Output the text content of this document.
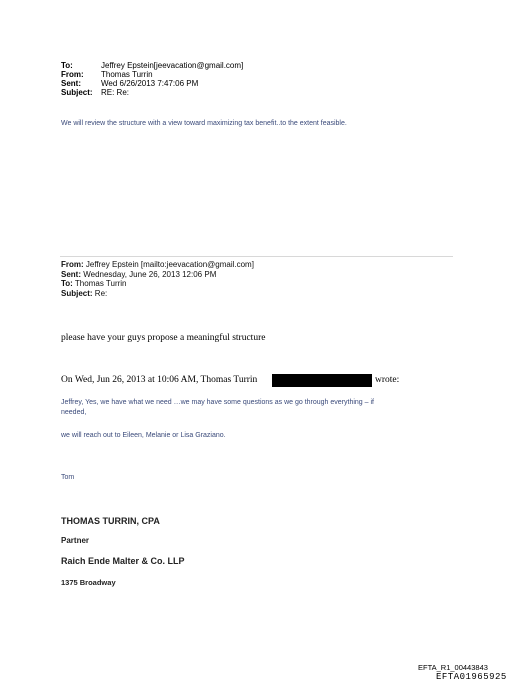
To:	Jeffrey Epstein[jeevacation@gmail.com]
From: Thomas Turrin
Sent:	Wed 6/26/2013 7:47:06 PM
Subject: RE: Re:
We will review the structure with a view toward maximizing tax benefit..to the extent feasible.
From: Jeffrey Epstein [mailto:jeevacation@gmail.com]
Sent: Wednesday, June 26, 2013 12:06 PM
To: Thomas Turrin
Subject: Re:
please have your guys propose a meaningful structure
On Wed, Jun 26, 2013 at 10:06 AM, Thomas Turrin	wrote:
Jeffrey, Yes, we have what we need …we may have some questions as we go through everything – if
needed,
we will reach out to Eileen, Melanie or Lisa Graziano.
Tom
THOMAS TURRIN, CPA
Partner
Raich Ende Malter & Co. LLP
1375 Broadway
EFTA_R1_00443843
EFTA01965925
